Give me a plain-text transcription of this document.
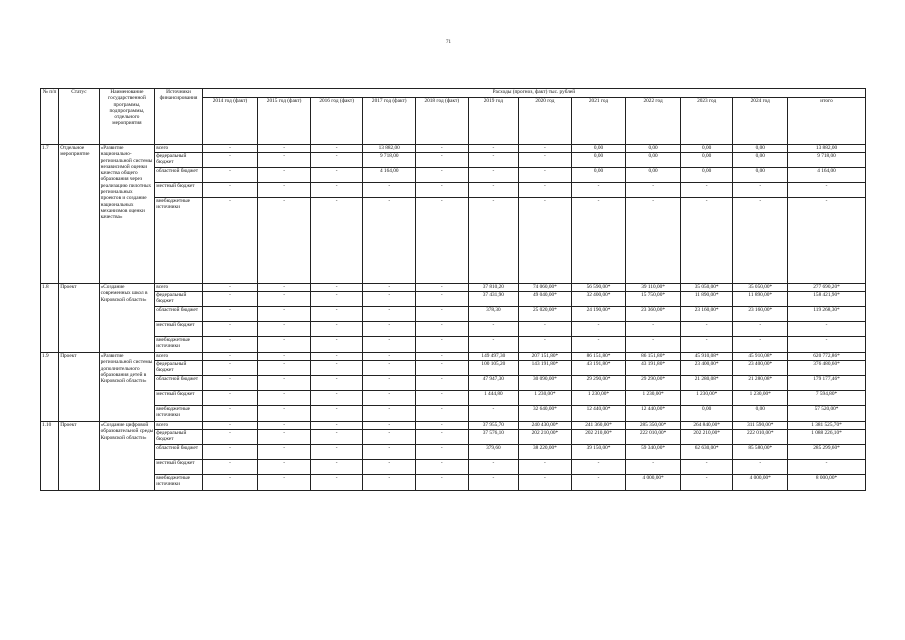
71
№ п/п	Статус	Наименование государственной программы, подпрограммы, отдельного мероприятия	Источники финансирования	Расходы (прогноз, факт) тыс. рублей											
				2014 год (факт)	2015 год (факт)	2016 год (факт)	2017 год (факт)	2018 год (факт)	2019 год	2020 год	2021 год	2022 год	2023 год	2024 год	итого
1.7	Отдельное мероприятие	«Развитие национально-региональной системы независимой оценки качества общего образования через реализацию пилотных региональных проектов и создание национальных механизмов оценки качества»	всего	-	-	-	13 882,00	-	-	-	0,00	0,00	0,00	0,00	13 882,00
			федеральный бюджет	-	-	-	9 718,00	-	-	-	0,00	0,00	0,00	0,00	9 718,00
			областной бюджет	-	-	-	4 164,00	-	-	-	0,00	0,00	0,00	0,00	4 164,00
			местный бюджет	-	-	-	-	-	-	-	-	-	-	-	-
			внебюджетные источники	-	-	-	-	-	-	-	-	-	-	-	-
1.8	Проект	«Создание современных школ в Кировской области»	всего	-	-	-	-	-	37 810,20	74 060,00*	56 590,00*	39 110,00*	35 050,00*	35 050,00*	277 690,20*
			федеральный бюджет	-	-	-	-	-	37 431,90	49 040,00*	32 400,00*	15 750,00*	11 890,00*	11 890,00*	158 421,90*
			областной бюджет	-	-	-	-	-	378,30	25 020,00*	24 190,00*	23 360,00*	23 160,00*	23 160,00*	119 268,30*
			местный бюджет	-	-	-	-	-	-	-	-	-	-	-	-
			внебюджетные источники	-	-	-	-	-	-	-	-	-	-	-	-
1.9	Проект	«Развитие региональной системы дополнительного образования детей в Кировской области»	всего	-	-	-	-	-	149 497,30	207 151,80*	86 151,80*	86 151,80*	45 910,08*	45 910,08*	620 772,86*
			федеральный бюджет	-	-	-	-	-	100 105,20	143 191,80*	43 191,80*	43 191,80*	23 400,00*	23 400,00*	376 480,60*
			областной бюджет	-	-	-	-	-	47 947,30	30 090,00*	29 290,00*	29 290,00*	21 280,08*	21 280,08*	179 177,46*
			местный бюджет	-	-	-	-	-	1 444,80	1 230,00*	1 230,00*	1 230,00*	1 230,00*	1 230,00*	7 594,80*
			внебюджетные источники	-	-	-	-	-	-	32 640,00*	12 440,00*	12 440,00*	0,00	0,00	57 520,00*
1.10	Проект	«Создание цифровой образовательной среды Кировской области»	всего	-	-	-	-	-	37 955,70	240 430,00*	241 360,00*	285 350,00*	264 840,00*	311 590,00*	1 381 525,70*
			федеральный бюджет	-	-	-	-	-	37 576,10	202 210,00*	202 210,00*	222 010,00*	202 210,00*	222 010,00*	1 088 226,10*
			областной бюджет	-	-	-	-	-	379,60	38 220,00*	39 150,00*	59 340,00*	62 630,00*	85 580,00*	285 299,60*
			местный бюджет	-	-	-	-	-	-	-	-	-	-	-	-
			внебюджетные источники	-	-	-	-	-	-	-	-	4 000,00*	-	4 000,00*	8 000,00*
